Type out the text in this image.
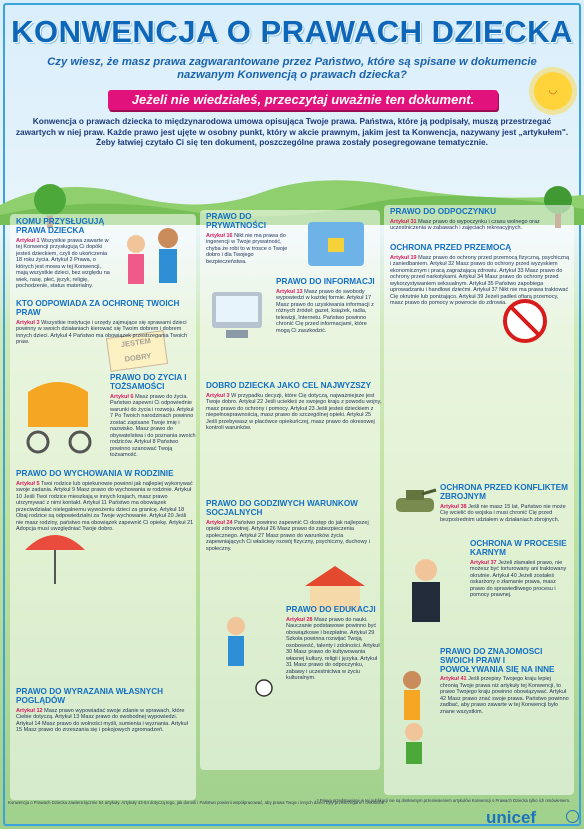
KONWENCJA O PRAWACH DZIECKA
Czy wiesz, że masz prawa zagwarantowane przez Państwo, które są spisane w dokumencie nazwanym Konwencją o prawach dziecka?
◡
Jeżeli nie wiedziałeś, przeczytaj uważnie ten dokument.

Konwencja o prawach dziecka to międzynarodowa umowa opisująca Twoje prawa. Państwa, które ją podpisały, muszą przestrzegać zawartych w niej praw. Każde prawo jest ujęte w osobny punkt, który w akcie prawnym, jakim jest ta Konwencja, nazywany jest „artykułem". Żeby łatwiej czytało Ci się ten dokument, poszczególne prawa zostały posegregowane tematycznie.

KOMU PRZYSŁUGUJĄ PRAWA DZIECKA

Artykuł 1 Wszystkie prawa zawarte w tej Konwencji przysługują Ci dopóki jesteś dzieckiem, czyli do ukończenia 18 roku życia. Artykuł 2 Prawa, o których jest mowa w tej Konwencji, mają wszystkie dzieci, bez względu na wiek, rasę, płeć, język, religię, pochodzenie, status materialny.

KTO ODPOWIADA ZA OCHRONĘ TWOICH PRAW

Artykuł 3 Wszystkie instytucje i urzędy zajmujące się sprawami dzieci powinny w swoich działaniach kierować się Twoim dobrem i dobrem innych dzieci. Artykuł 4 Państwo ma obowiązek przestrzegania Twoich praw.

PRAWO DO ŻYCIA I TOŻSAMOŚCI

Artykuł 6 Masz prawo do życia. Państwo zapewni Ci odpowiednie warunki do życia i rozwoju. Artykuł 7 Po Twoich narodzinach powinno zostać zapisane Twoje imię i nazwisko. Masz prawo do obywatelstwa i do poznania swoich rodziców. Artykuł 8 Państwo powinno szanować Twoją tożsamość.

PRAWO DO WYCHOWANIA W RODZINIE

Artykuł 5 Twoi rodzice lub opiekunowie powinni jak najlepiej wykonywać swoje zadania. Artykuł 9 Masz prawo do wychowania w rodzinie. Artykuł 10 Jeśli Twoi rodzice mieszkają w innych krajach, masz prawo utrzymywać z nimi kontakt. Artykuł 11 Państwo ma obowiązek przeciwdziałać nielegalnemu wywożeniu dzieci za granicę. Artykuł 18 Obaj rodzice są odpowiedzialni za Twoje wychowanie. Artykuł 20 Jeśli nie masz rodziny, państwo ma obowiązek zapewnić Ci opiekę. Artykuł 21 Adopcja musi uwzględniać Twoje dobro.

PRAWO DO WYRAŻANIA WŁASNYCH POGLĄDÓW

Artykuł 12 Masz prawo wypowiadać swoje zdanie w sprawach, które Ciebie dotyczą. Artykuł 13 Masz prawo do swobodnej wypowiedzi. Artykuł 14 Masz prawo do wolności myśli, sumienia i wyznania. Artykuł 15 Masz prawo do zrzeszania się i pokojowych zgromadzeń.

PRAWO DO PRYWATNOŚCI

Artykuł 16 Nikt nie ma prawa do ingerencji w Twoje prywatność, chyba że robi to w trosce o Twoje dobro i dla Twojego bezpieczeństwa.

PRAWO DO INFORMACJI

Artykuł 13 Masz prawo do swobody wypowiedzi w każdej formie. Artykuł 17 Masz prawo do uzyskiwania informacji z różnych źródeł: gazet, książek, radia, telewizji, Internetu. Państwo powinno chronić Cię przed informacjami, które mogą Ci zaszkodzić.

DOBRO DZIECKA JAKO CEL NAJWYŻSZY

Artykuł 3 W przypadku decyzji, które Cię dotyczą, najważniejsze jest Twoje dobro. Artykuł 22 Jeśli uciekłeś ze swojego kraju z powodu wojny, masz prawo do ochrony i pomocy. Artykuł 23 Jeśli jesteś dzieckiem z niepełnosprawnością, masz prawo do szczególnej opieki. Artykuł 25 Jeśli przebywasz w placówce opiekuńczej, masz prawo do okresowej kontroli warunków.

PRAWO DO GODZIWYCH WARUNKÓW SOCJALNYCH

Artykuł 24 Państwo powinno zapewnić Ci dostęp do jak najlepszej opieki zdrowotnej. Artykuł 26 Masz prawo do zabezpieczenia społecznego. Artykuł 27 Masz prawo do warunków życia zapewniających Ci właściwy rozwój fizyczny, psychiczny, duchowy i społeczny.

PRAWO DO EDUKACJI

Artykuł 28 Masz prawo do nauki. Nauczanie podstawowe powinno być obowiązkowe i bezpłatne. Artykuł 29 Szkoła powinna rozwijać Twoją osobowość, talenty i zdolności. Artykuł 30 Masz prawo do kultywowania własnej kultury, religii i języka. Artykuł 31 Masz prawo do odpoczynku, zabawy i uczestnictwa w życiu kulturalnym.

PRAWO DO ODPOCZYNKU

Artykuł 31 Masz prawo do wypoczynku i czasu wolnego oraz uczestniczenia w zabawach i zajęciach rekreacyjnych.

OCHRONA PRZED PRZEMOCĄ

Artykuł 19 Masz prawo do ochrony przed przemocą fizyczną, psychiczną i zaniedbaniem. Artykuł 32 Masz prawo do ochrony przed wyzyskiem ekonomicznym i pracą zagrażającą zdrowiu. Artykuł 33 Masz prawo do ochrony przed narkotykami. Artykuł 34 Masz prawo do ochrony przed wykorzystywaniem seksualnym. Artykuł 35 Państwo zapobiega uprowadzaniu i handlowi dziećmi. Artykuł 37 Nikt nie ma prawa traktować Cię okrutnie lub poniżająco. Artykuł 39 Jeżeli padłeś ofiarą przemocy, masz prawo do pomocy w powrocie do zdrowia.

OCHRONA PRZED KONFLIKTEM ZBROJNYM

Artykuł 38 Jeśli nie masz 15 lat, Państwo nie może Cię wcielić do wojska i musi chronić Cię przed bezpośrednim udziałem w działaniach zbrojnych.

OCHRONA W PROCESIE KARNYM

Artykuł 37 Jeżeli złamałeś prawo, nie możesz być torturowany ani traktowany okrutnie. Artykuł 40 Jeżeli zostałeś oskarżony o złamanie prawa, masz prawo do sprawiedliwego procesu i pomocy prawnej.

PRAWO DO ZNAJOMOŚCI SWOICH PRAW I POWOŁYWANIA SIĘ NA INNE

Artykuł 41 Jeśli przepisy Twojego kraju lepiej chronią Twoje prawa niż artykuły tej Konwencji, to prawo Twojego kraju powinno obowiązywać. Artykuł 42 Masz prawo znać swoje prawa. Państwo powinno zadbać, aby prawo zawarte w tej Konwencji było znane wszystkim.

* Prawa przedstawione w tej publikacji nie są dosłownym przeniesieniem artykułów Konwencji o Prawach Dziecka tylko ich omówieniem.
Konwencja o Prawach Dziecka zawiera łącznie 54 artykuły. Artykuły 43-54 dotyczą tego, jak dorośli i Państwo powinni współpracować, aby prawa Twoje i innych dzieci były przestrzegane i chronione.
unicef
